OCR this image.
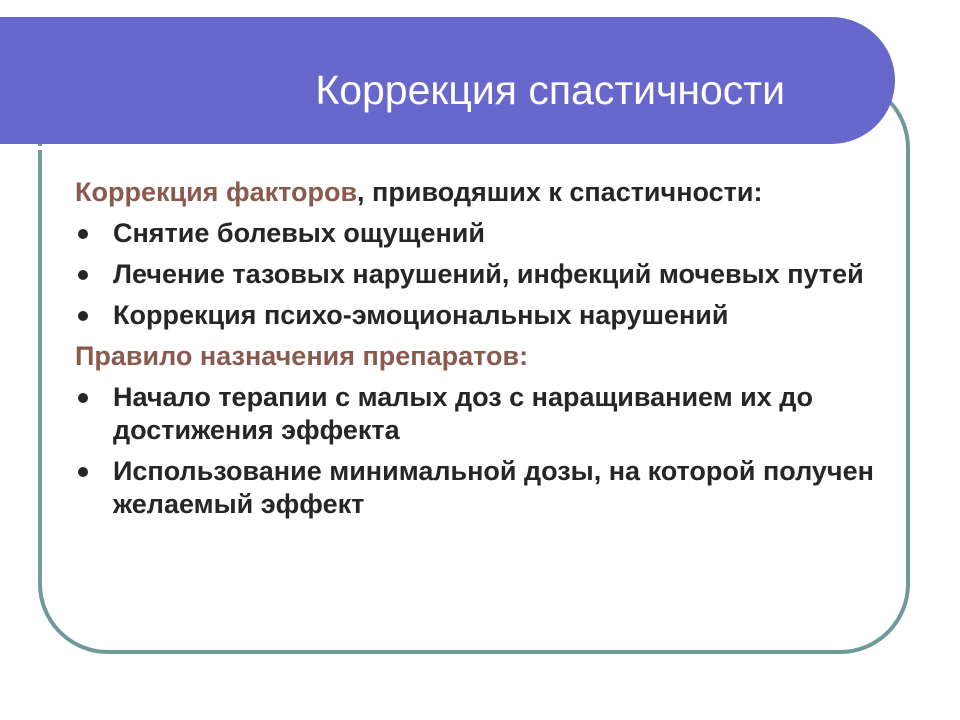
Коррекция спастичности
Коррекция факторов, приводяших к спастичности:
Снятие болевых ощущений
Лечение тазовых нарушений, инфекций мочевых путей
Коррекция психо-эмоциональных нарушений
Правило назначения препаратов:
Начало терапии с малых доз с наращиванием их до достижения эффекта
Использование минимальной дозы, на которой получен желаемый эффект
